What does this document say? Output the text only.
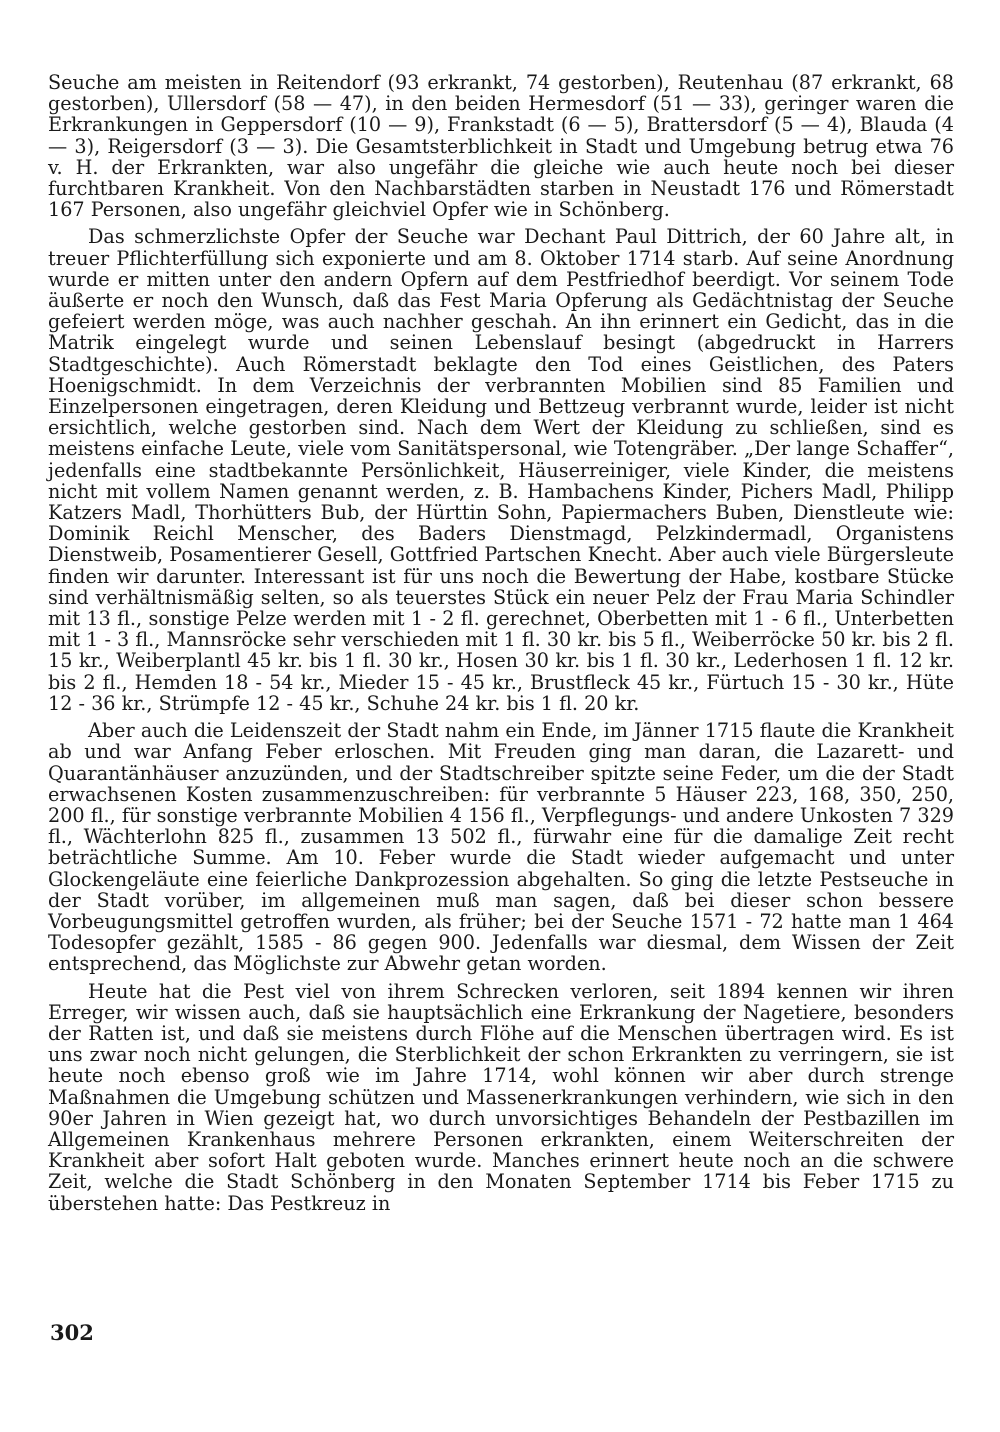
Seuche am meisten in Reitendorf (93 erkrankt, 74 gestorben), Reutenhau (87 erkrankt, 68 gestorben), Ullersdorf (58 — 47), in den beiden Hermesdorf (51 — 33), geringer waren die Erkrankungen in Geppersdorf (10 — 9), Frankstadt (6 — 5), Brattersdorf (5 — 4), Blauda (4 — 3), Reigersdorf (3 — 3). Die Gesamtsterblichkeit in Stadt und Umgebung betrug etwa 76 v. H. der Erkrankten, war also ungefähr die gleiche wie auch heute noch bei dieser furchtbaren Krankheit. Von den Nachbarstädten starben in Neustadt 176 und Römerstadt 167 Personen, also ungefähr gleichviel Opfer wie in Schönberg.

Das schmerzlichste Opfer der Seuche war Dechant Paul Dittrich, der 60 Jahre alt, in treuer Pflichterfüllung sich exponierte und am 8. Oktober 1714 starb. Auf seine Anordnung wurde er mitten unter den andern Opfern auf dem Pestfriedhof beerdigt. Vor seinem Tode äußerte er noch den Wunsch, daß das Fest Maria Opferung als Gedächtnistag der Seuche gefeiert werden möge, was auch nachher geschah. An ihn erinnert ein Gedicht, das in die Matrik eingelegt wurde und seinen Lebenslauf besingt (abgedruckt in Harrers Stadtgeschichte). Auch Römerstadt beklagte den Tod eines Geistlichen, des Paters Hoenigschmidt. In dem Verzeichnis der verbrannten Mobilien sind 85 Familien und Einzelpersonen eingetragen, deren Kleidung und Bettzeug verbrannt wurde, leider ist nicht ersichtlich, welche gestorben sind. Nach dem Wert der Kleidung zu schließen, sind es meistens einfache Leute, viele vom Sanitätspersonal, wie Totengräber. „Der lange Schaffer“, jedenfalls eine stadtbekannte Persönlichkeit, Häuserreiniger, viele Kinder, die meistens nicht mit vollem Namen genannt werden, z. B. Hambachens Kinder, Pichers Madl, Philipp Katzers Madl, Thorhütters Bub, der Hürttin Sohn, Papiermachers Buben, Dienstleute wie: Dominik Reichl Menscher, des Baders Dienstmagd, Pelzkindermadl, Organistens Dienstweib, Posamentierer Gesell, Gottfried Partschen Knecht. Aber auch viele Bürgersleute finden wir darunter. Interessant ist für uns noch die Bewertung der Habe, kostbare Stücke sind verhältnismäßig selten, so als teuerstes Stück ein neuer Pelz der Frau Maria Schindler mit 13 fl., sonstige Pelze werden mit 1 - 2 fl. gerechnet, Oberbetten mit 1 - 6 fl., Unterbetten mit 1 - 3 fl., Mannsröcke sehr verschieden mit 1 fl. 30 kr. bis 5 fl., Weiberröcke 50 kr. bis 2 fl. 15 kr., Weiberplantl 45 kr. bis 1 fl. 30 kr., Hosen 30 kr. bis 1 fl. 30 kr., Lederhosen 1 fl. 12 kr. bis 2 fl., Hemden 18 - 54 kr., Mieder 15 - 45 kr., Brustfleck 45 kr., Fürtuch 15 - 30 kr., Hüte 12 - 36 kr., Strümpfe 12 - 45 kr., Schuhe 24 kr. bis 1 fl. 20 kr.

Aber auch die Leidenszeit der Stadt nahm ein Ende, im Jänner 1715 flaute die Krankheit ab und war Anfang Feber erloschen. Mit Freuden ging man daran, die Lazarett- und Quarantänhäuser anzuzünden, und der Stadtschreiber spitzte seine Feder, um die der Stadt erwachsenen Kosten zusammenzuschreiben: für verbrannte 5 Häuser 223, 168, 350, 250, 200 fl., für sonstige verbrannte Mobilien 4 156 fl., Verpflegungs- und andere Unkosten 7 329 fl., Wächterlohn 825 fl., zusammen 13 502 fl., fürwahr eine für die damalige Zeit recht beträchtliche Summe. Am 10. Feber wurde die Stadt wieder aufgemacht und unter Glockengeläute eine feierliche Dankprozession abgehalten. So ging die letzte Pestseuche in der Stadt vorüber, im allgemeinen muß man sagen, daß bei dieser schon bessere Vorbeugungsmittel getroffen wurden, als früher; bei der Seuche 1571 - 72 hatte man 1 464 Todesopfer gezählt, 1585 - 86 gegen 900. Jedenfalls war diesmal, dem Wissen der Zeit entsprechend, das Möglichste zur Abwehr getan worden.

Heute hat die Pest viel von ihrem Schrecken verloren, seit 1894 kennen wir ihren Erreger, wir wissen auch, daß sie hauptsächlich eine Erkrankung der Nagetiere, besonders der Ratten ist, und daß sie meistens durch Flöhe auf die Menschen übertragen wird. Es ist uns zwar noch nicht gelungen, die Sterblichkeit der schon Erkrankten zu verringern, sie ist heute noch ebenso groß wie im Jahre 1714, wohl können wir aber durch strenge Maßnahmen die Umgebung schützen und Massenerkrankungen verhindern, wie sich in den 90er Jahren in Wien gezeigt hat, wo durch unvorsichtiges Behandeln der Pestbazillen im Allgemeinen Krankenhaus mehrere Personen erkrankten, einem Weiterschreiten der Krankheit aber sofort Halt geboten wurde. Manches erinnert heute noch an die schwere Zeit, welche die Stadt Schönberg in den Monaten September 1714 bis Feber 1715 zu überstehen hatte: Das Pestkreuz in

302
